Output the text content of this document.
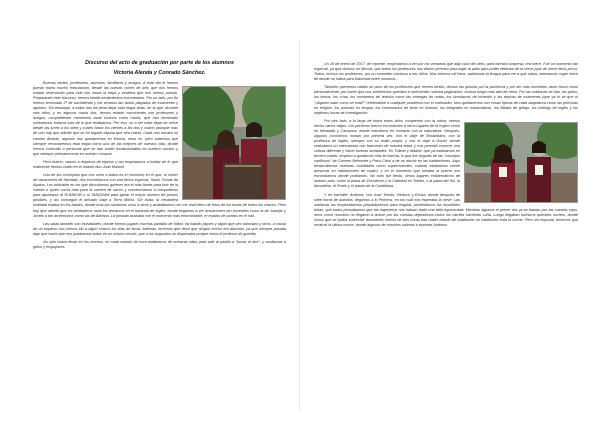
Discurso del acto de graduación por parte de los alumnos
Victoria Alenda y Conrado Sánchez.

Buenas tardes, profesores, alumnos, familiares y amigos. A este día le hemos puesto todos mucho entusiasmo, desde las nuevas cortes de pelo que nos hemos estado reservando para este día, hasta la trepa y vestidos que nos hemos puesto. Preparando este discurso, hemos tenido sentimientos encontrados. Por un lado, por fin hemos terminado 2º de bachillerato y los veranos tan duros plagados de exámenes y agobios. Sin embargo, a todos nos da pena dejar esta etapa atrás, en la que, durante seis años, y en algunos casos dos, hemos estado conviviendo con profesores y amigos, compartiendo momentos tanto buenos como malos, que han terminado uniéndonos todavía más de lo que estábamos. Por eso, no a ser triste dejar de verse desde las lunes a los siete y cuarto hasta los viernes a las dos y cuarto (aunque más de uno hay que admitir que se ha fugado alguna que otra clase). Cada uno tomará un camino distinto, algunos nos quedaremos en Murcia, otros no, pero sabemos que siempre recordaremos esta etapa como una de las mejores de nuestra vida, donde hemos conocido a personas que se han vuelto fundamentales en nuestro camino y que siempre permanecerán en nuestro corazón.

Pero bueno, vamos a dejarnos de tópicos y así empezamos a hablar de lo que realmente hemos vivido en el Infante don Juan Manuel.

Uno de los conceptos que nos unen a todos es el momento en el que, al volver de vacaciones de Navidad, nos encontramos con una fecha especial, Santo Tomás de Aquino. Los tutoriales en los que discutíamos quiénes era el más fuerte para tirar de la cuerda o quién corría más para la carrera de sacos y convencíamos a compañeros para apuntarse al RUMIKUB o al TANGRAM para ganar el mayor número de puntos posibles, y así conseguir el anisado viaje a Terra Mítica. Sin duda, la verdadera rivalidad estaba en los bastes, donde eras las cantamos unos a otros y acababamos con me nivel lleno de fotos de los tortas de todos los chavos. Pero hay que admitir que los verdaderos risas los teníamos en el baranda de inglés, donde llegamos a ver actuaciones tan increíbles como la de Juanjito y Jocelo a ton americanos como las de Adriana. La jornada acababa con el momento más emocionante, el reparto de puntos en el hall.

Las salas también son inolvidables, donde hemos jugado muchas partidas de fútbol, ha habido piques y algún que otro balonazo y otros, a causa de un tropiezo nos hemos ido a algún charco los días de lluvia. Además, tenemos que decir que ningún recreo era aburrido, ya que siempre pasaba algo que hacía que nos juntáramos todos en un mismo círculo, que a los segundos se dispersaba porque venía el profesor de guardia.

No sólo había fiesta en los recreos, en cada cambio de hora estábamos de nuestras sillas para salir al pasillo a "tomar el aire", y ocultamos a gritos y empujones.

Un 18 de enero de 2017, de repente, empezamos a ver por los ventanas que algo caía del cielo, para nuestra sorpresa, era nieve. Fue un momento tan especial, ya que vivimos en Murcia, que todos los profesores nos dieron permiso para bajar al patio para poder disfrutar de la nieve (que de nieve tenía poco). Todos, incluso los profesores, por un momento volvimos a ser niños. Nos hicimos mil fotos, saldíamos la lengua para ver a qué sabía, intentamos coger nieve de donde no había para tirárnosla entre nosotros...

También queremos hablar un poco de los profesores que hemos tenido, demos las gracias por la paciencia y por ser más inocentes, tanto física como personalmente, por hacer que nos sintiéramos queridos e intervenido nuestra paginación, incluso luego más allá del reino. Por las mañanas de tías, los gritos, los besos, los crías, los momentos de tensión como las entregas de notas, los simulacros de incendio y las épocas de exámenes (que ya ni sé qué ni "¡Alguien sabe cómo se está?" refiriéndose a cualquier problema con el ordenador. Nos quedaremos con cosas típicas de cada asignatura como las películas en religión, los poemas en lengua, los comentarios de texto en historia, los integrales en matemáticas, los Biblias de griego, los writings de inglés y los séptimos horas de investigación.

Por otro lado, a lo largo de todos estos años, rompiendo con la rutina, hemos hecho varios viajes. Los primeros fueron excursiones a otros lugares de la región como en Moratalla y Caravaca, donde estuvimos en contacto con la naturaleza. Después, algunos conocimos mundo por primera vez, con el viaje de Broadstairs, con la profesora de inglés, siempre con su estilo propio, y con el viaje a Gouel, donde realizamos un intercambio con franceses de nuestra edad, y nos permitió conocer una cultura diferente y hacer buenas amistades. En Toledo y Madrid, que ya estábamos en tercero-cuarto, empezó a gustarnos más la marcha, lo que fue seguido de las "consejos cariñosos" de Carmen Belmonte y Paco Carol a de no dormir en las habitaciones. Aquí desarrollamos nuestras cualidades como supervivientes, cuando estábamos veinte personas en habitaciones de cuatro, y en el momento que sonaba la puerta nos escondíamos donde podíamos. No todo fue fiesta, vimos lugares emblemáticos de nuestro país, como la plaza de Zocodover y la Catedral en Toledo, o la plaza del Sol, la Almudena, el Prado y el paseo de la Castellana.

Y en bachiller, Andorra, con José Tomás, Velasco y Eloísa, donde después de siete horas de autobús, llegamos a lo Pirineos, en los cuál nos esperaba la nieve. Las mañanas las empezábamos preparándonos para esquiar, poniéndonos las insufribles botas, que todos pensábamos que las ingenieros nos habían dado una talla equivocada. Mientras algunos el primer día ya se tiraban por las cuestas rojas, otros como nosotros no llegaron a tirarse por las cuestas dejándonos todos los carriles haciendo cuña. Luego llegaban nuestros queridos noches, donde vimos que se podía sobrevivir durmiendo menos de tres horas tras haber estado de habitación en habitación toda la noche. Pero sin importar, tenemos que recalcar la última noche, donde algunos de nosotros salimos a explorar Andorra.
